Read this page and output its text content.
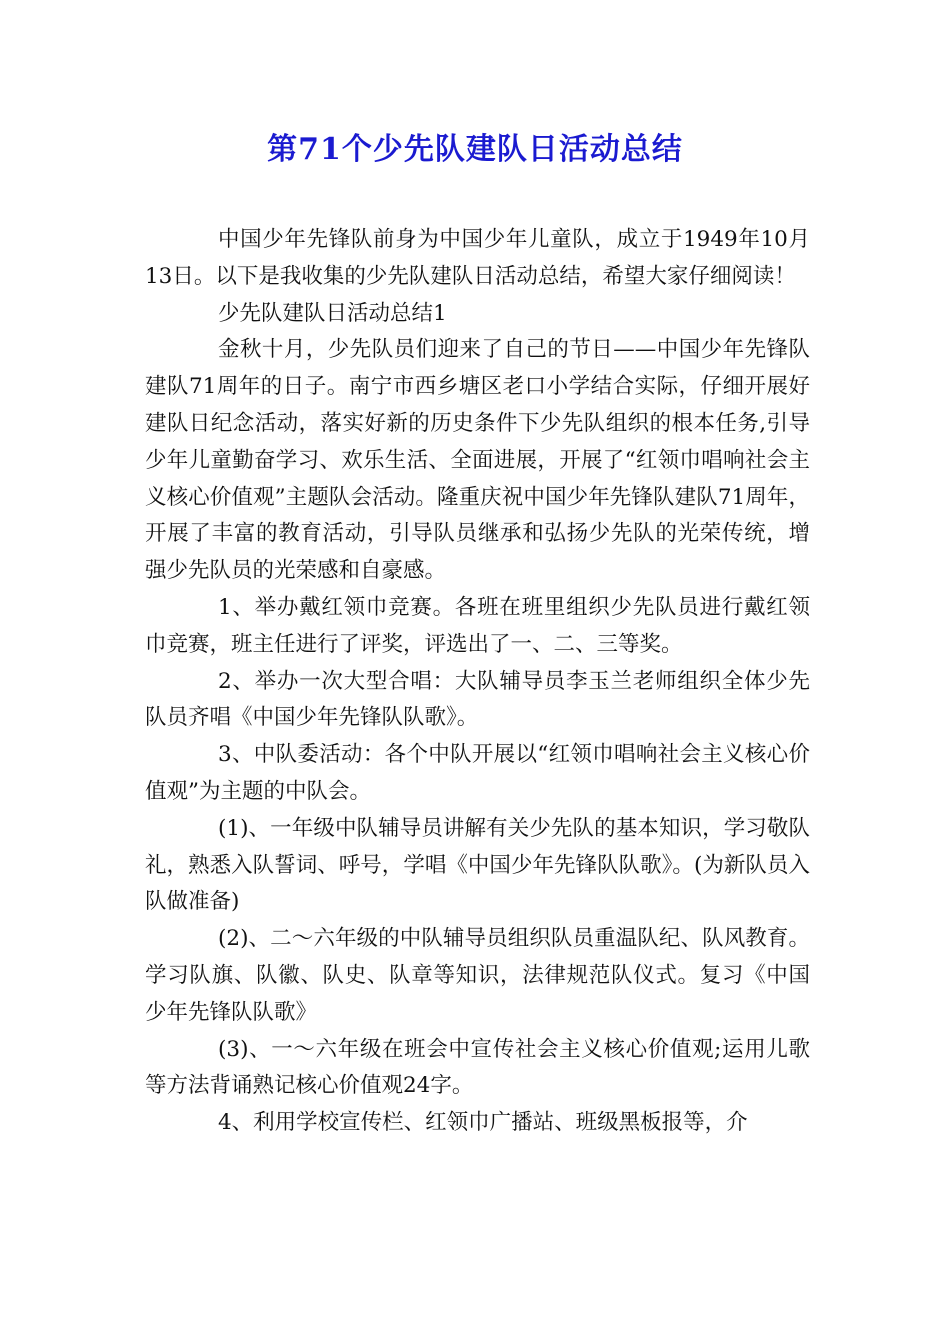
第71个少先队建队日活动总结

中国少年先锋队前身为中国少年儿童队，成立于1949年10月13日。以下是我收集的少先队建队日活动总结，希望大家仔细阅读！

少先队建队日活动总结1

金秋十月，少先队员们迎来了自己的节日——中国少年先锋队建队71周年的日子。南宁市西乡塘区老口小学结合实际，仔细开展好建队日纪念活动，落实好新的历史条件下少先队组织的根本任务,引导少年儿童勤奋学习、欢乐生活、全面进展，开展了“红领巾唱响社会主义核心价值观”主题队会活动。隆重庆祝中国少年先锋队建队71周年，开展了丰富的教育活动，引导队员继承和弘扬少先队的光荣传统，增强少先队员的光荣感和自豪感。

1、举办戴红领巾竞赛。各班在班里组织少先队员进行戴红领巾竞赛，班主任进行了评奖，评选出了一、二、三等奖。

2、举办一次大型合唱：大队辅导员李玉兰老师组织全体少先队员齐唱《中国少年先锋队队歌》。

3、中队委活动：各个中队开展以“红领巾唱响社会主义核心价值观”为主题的中队会。

(1)、一年级中队辅导员讲解有关少先队的基本知识，学习敬队礼，熟悉入队誓词、呼号，学唱《中国少年先锋队队歌》。(为新队员入队做准备)

(2)、二～六年级的中队辅导员组织队员重温队纪、队风教育。学习队旗、队徽、队史、队章等知识，法律规范队仪式。复习《中国少年先锋队队歌》

(3)、一～六年级在班会中宣传社会主义核心价值观;运用儿歌等方法背诵熟记核心价值观24字。

4、利用学校宣传栏、红领巾广播站、班级黑板报等，介
